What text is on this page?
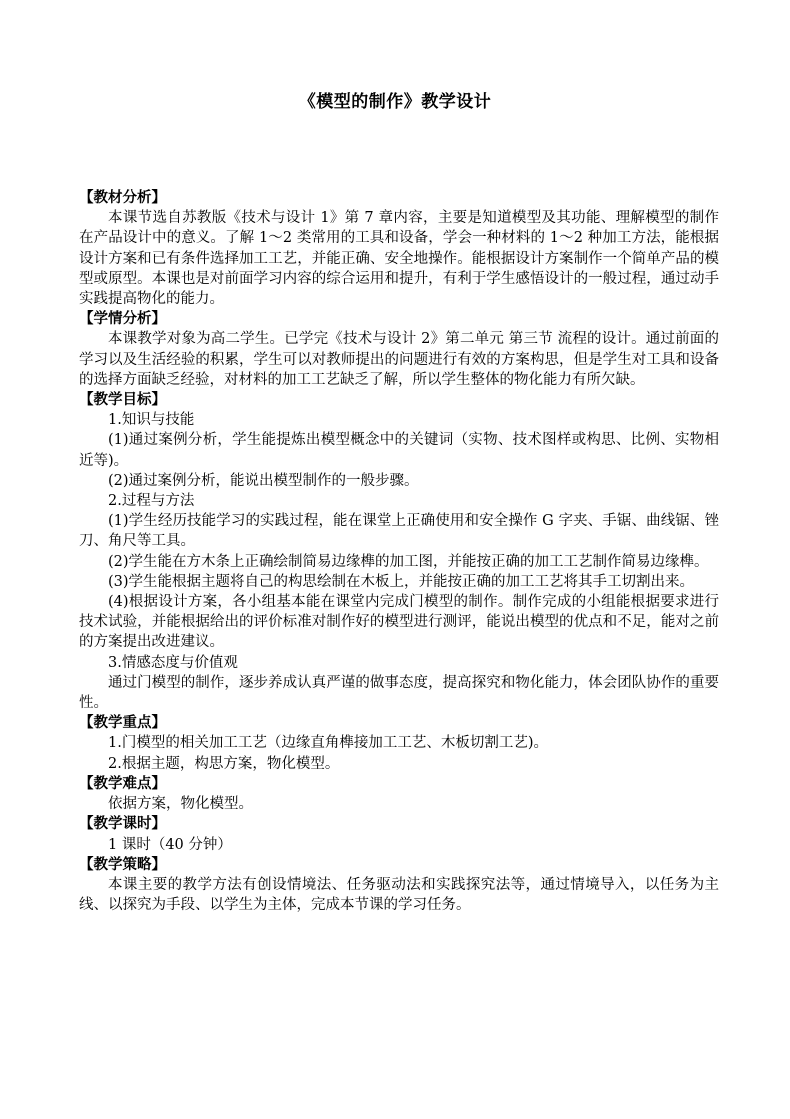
《模型的制作》教学设计

【教材分析】

本课节选自苏教版《技术与设计 1》第 7 章内容，主要是知道模型及其功能、理解模型的制作在产品设计中的意义。了解 1～2 类常用的工具和设备，学会一种材料的 1～2 种加工方法，能根据设计方案和已有条件选择加工工艺，并能正确、安全地操作。能根据设计方案制作一个简单产品的模型或原型。本课也是对前面学习内容的综合运用和提升，有利于学生感悟设计的一般过程，通过动手实践提高物化的能力。

【学情分析】

本课教学对象为高二学生。已学完《技术与设计 2》第二单元 第三节 流程的设计。通过前面的学习以及生活经验的积累，学生可以对教师提出的问题进行有效的方案构思，但是学生对工具和设备的选择方面缺乏经验，对材料的加工工艺缺乏了解，所以学生整体的物化能力有所欠缺。

【教学目标】

1.知识与技能

(1)通过案例分析，学生能提炼出模型概念中的关键词（实物、技术图样或构思、比例、实物相近等)。

(2)通过案例分析，能说出模型制作的一般步骤。

2.过程与方法

(1)学生经历技能学习的实践过程，能在课堂上正确使用和安全操作 G 字夹、手锯、曲线锯、锉刀、角尺等工具。

(2)学生能在方木条上正确绘制简易边缘榫的加工图，并能按正确的加工工艺制作简易边缘榫。

(3)学生能根据主题将自己的构思绘制在木板上，并能按正确的加工工艺将其手工切割出来。

(4)根据设计方案，各小组基本能在课堂内完成门模型的制作。制作完成的小组能根据要求进行技术试验，并能根据给出的评价标准对制作好的模型进行测评，能说出模型的优点和不足，能对之前的方案提出改进建议。

3.情感态度与价值观

通过门模型的制作，逐步养成认真严谨的做事态度，提高探究和物化能力，体会团队协作的重要性。

【教学重点】

1.门模型的相关加工工艺（边缘直角榫接加工工艺、木板切割工艺)。

2.根据主题，构思方案，物化模型。

【教学难点】

依据方案，物化模型。

【教学课时】

1 课时（40 分钟）

【教学策略】

本课主要的教学方法有创设情境法、任务驱动法和实践探究法等，通过情境导入，以任务为主线、以探究为手段、以学生为主体，完成本节课的学习任务。
